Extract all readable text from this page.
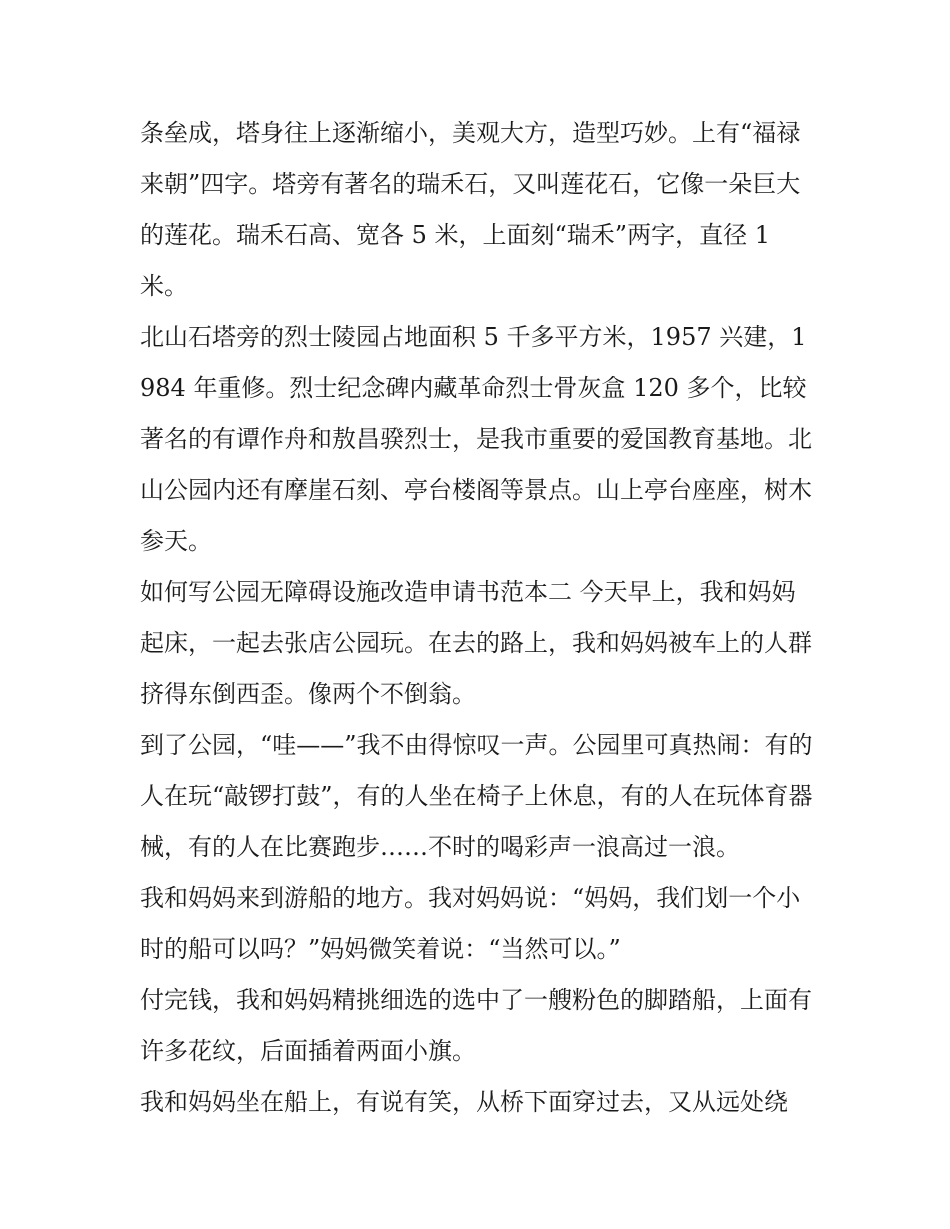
条垒成，塔身往上逐渐缩小，美观大方，造型巧妙。上有“福禄来朝”四字。塔旁有著名的瑞禾石，又叫莲花石，它像一朵巨大的莲花。瑞禾石高、宽各 5 米，上面刻“瑞禾”两字，直径 1 米。

北山石塔旁的烈士陵园占地面积 5 千多平方米，1957 兴建，1984 年重修。烈士纪念碑内藏革命烈士骨灰盒 120 多个，比较著名的有谭作舟和敖昌骙烈士，是我市重要的爱国教育基地。北山公园内还有摩崖石刻、亭台楼阁等景点。山上亭台座座，树木参天。

如何写公园无障碍设施改造申请书范本二 今天早上，我和妈妈起床，一起去张店公园玩。在去的路上，我和妈妈被车上的人群挤得东倒西歪。像两个不倒翁。

到了公园，“哇——”我不由得惊叹一声。公园里可真热闹：有的人在玩“敲锣打鼓”，有的人坐在椅子上休息，有的人在玩体育器械，有的人在比赛跑步……不时的喝彩声一浪高过一浪。

我和妈妈来到游船的地方。我对妈妈说：“妈妈，我们划一个小时的船可以吗？”妈妈微笑着说：“当然可以。”

付完钱，我和妈妈精挑细选的选中了一艘粉色的脚踏船，上面有许多花纹，后面插着两面小旗。

我和妈妈坐在船上，有说有笑，从桥下面穿过去，又从远处绕
